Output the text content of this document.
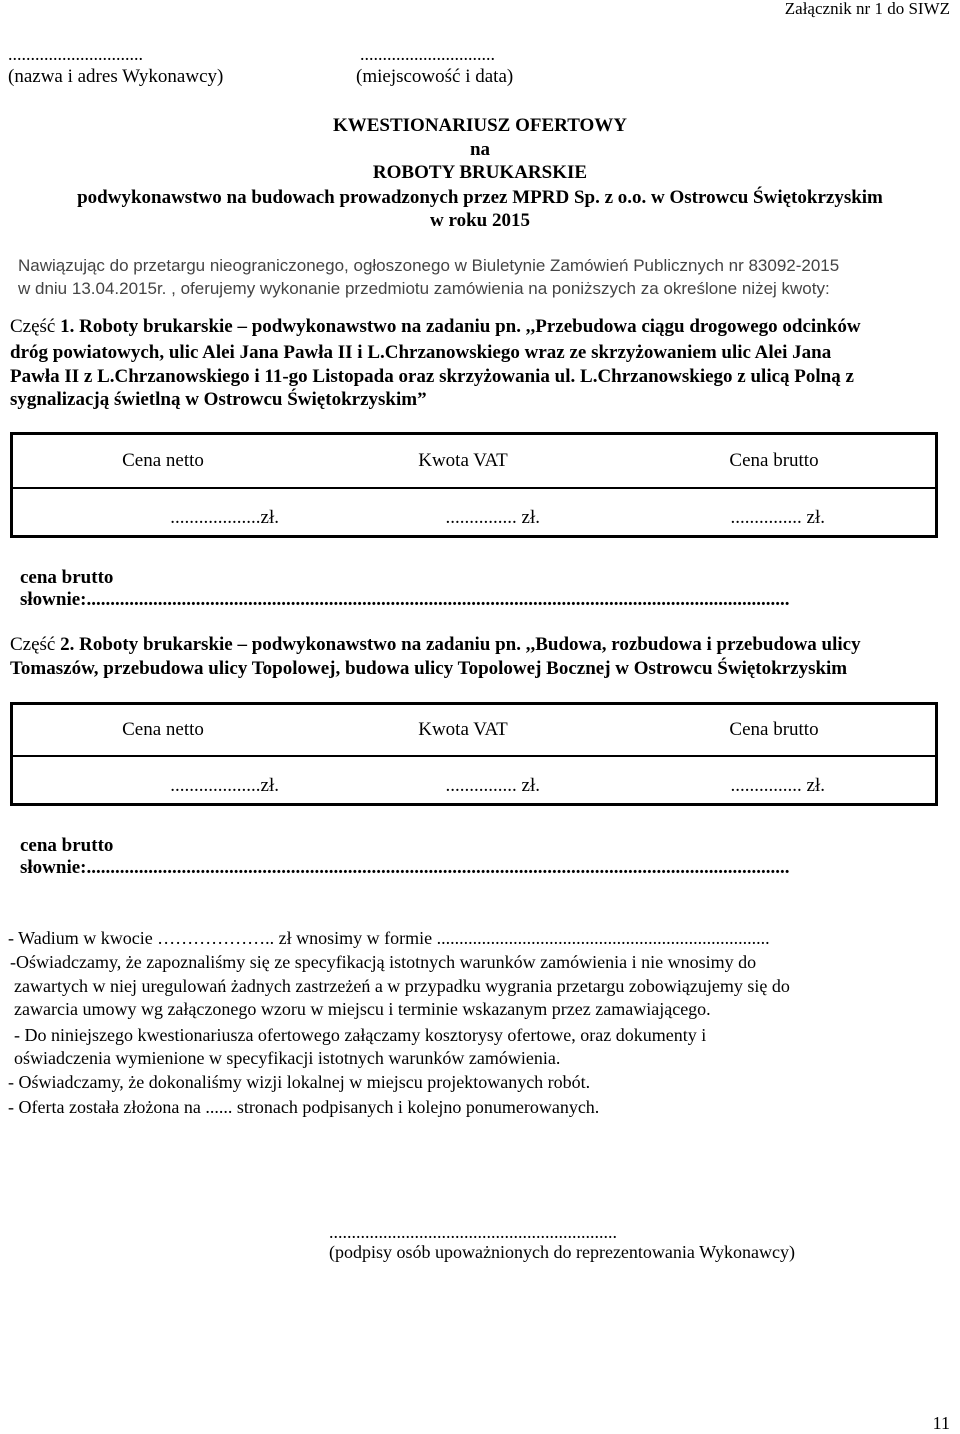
Załącznik nr 1 do SIWZ
..............................	..............................
(nazwa i adres Wykonawcy)	(miejscowość i data)
KWESTIONARIUSZ OFERTOWY
na
ROBOTY BRUKARSKIE
podwykonawstwo na budowach prowadzonych przez MPRD Sp. z o.o. w Ostrowcu Świętokrzyskim
w roku 2015
Nawiązując do przetargu nieograniczonego, ogłoszonego w Biuletynie Zamówień Publicznych nr 83092-2015
w dniu 13.04.2015r. , oferujemy wykonanie przedmiotu zamówienia na poniższych za określone niżej kwoty:
Część 1. Roboty brukarskie – podwykonawstwo na zadaniu pn. ,,Przebudowa ciągu drogowego odcinków
dróg powiatowych, ulic Alei Jana Pawła II i L.Chrzanowskiego wraz ze skrzyżowaniem ulic Alei Jana
Pawła II z L.Chrzanowskiego i 11-go Listopada oraz skrzyżowania ul. L.Chrzanowskiego z ulicą Polną z
sygnalizacją świetlną w Ostrowcu Świętokrzyskim”
Cena netto	Kwota VAT	Cena brutto
...................zł.	............... zł.	............... zł.
cena brutto
słownie:....................................................................................................................................................
Część 2. Roboty brukarskie – podwykonawstwo na zadaniu pn. ,,Budowa, rozbudowa i przebudowa ulicy
Tomaszów, przebudowa ulicy Topolowej, budowa ulicy Topolowej Bocznej w Ostrowcu Świętokrzyskim
Cena netto	Kwota VAT	Cena brutto
...................zł.	............... zł.	............... zł.
cena brutto
słownie:....................................................................................................................................................
- Wadium w kwocie ……………….. zł wnosimy w formie ..........................................................................
-Oświadczamy, że zapoznaliśmy się ze specyfikacją istotnych warunków zamówienia i nie wnosimy do
zawartych w niej uregulowań żadnych zastrzeżeń a w przypadku wygrania przetargu zobowiązujemy się do
zawarcia umowy wg załączonego wzoru w miejscu i terminie wskazanym przez zamawiającego.
- Do niniejszego kwestionariusza ofertowego załączamy kosztorysy ofertowe, oraz dokumenty i
oświadczenia wymienione w specyfikacji istotnych warunków zamówienia.
- Oświadczamy, że dokonaliśmy wizji lokalnej w miejscu projektowanych robót.
- Oferta została złożona na ...... stronach podpisanych i kolejno ponumerowanych.
................................................................
(podpisy osób upoważnionych do reprezentowania Wykonawcy)
11
